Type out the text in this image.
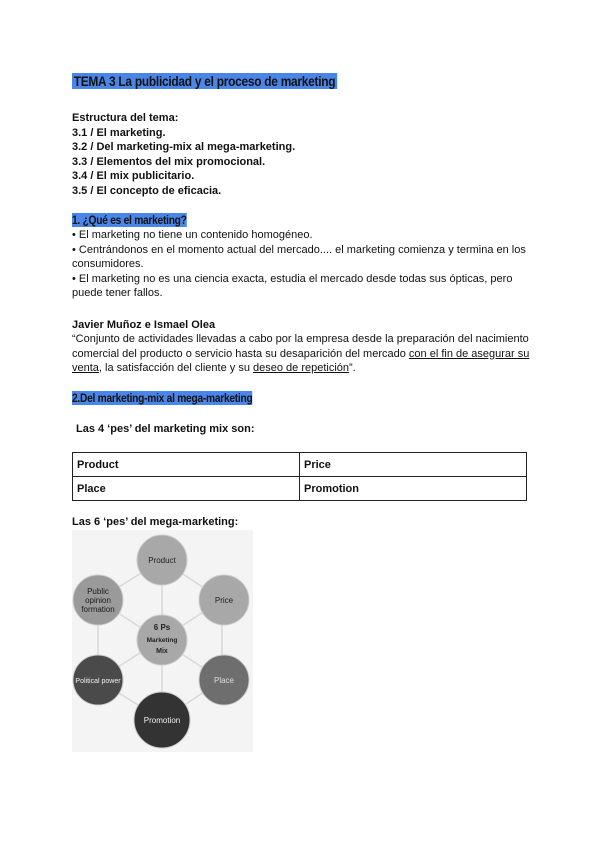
TEMA 3 La publicidad y el proceso de marketing

Estructura del tema:

3.1 / El marketing.

3.2 / Del marketing-mix al mega-marketing.

3.3 / Elementos del mix promocional.

3.4 / El mix publicitario.

3.5 / El concepto de eficacia.

1. ¿Qué es el marketing?

• El marketing no tiene un contenido homogéneo.

• Centrándonos en el momento actual del mercado.... el marketing comienza y termina en los consumidores.

• El marketing no es una ciencia exacta, estudia el mercado desde todas sus ópticas, pero puede tener fallos.

Javier Muñoz e Ismael Olea

“Conjunto de actividades llevadas a cabo por la empresa desde la preparación del nacimiento comercial del producto o servicio hasta su desaparición del mercado con el fin de asegurar su venta, la satisfacción del cliente y su deseo de repetición”.

2.Del marketing-mix al mega-marketing
Las 4 ‘pes’ del marketing mix son:
Product	Price
Place	Promotion
Las 6 ‘pes’ del mega-marketing:
Product
Price
Place
Promotion
Political power
6 Ps
Marketing
Mix
Public opinion formation
